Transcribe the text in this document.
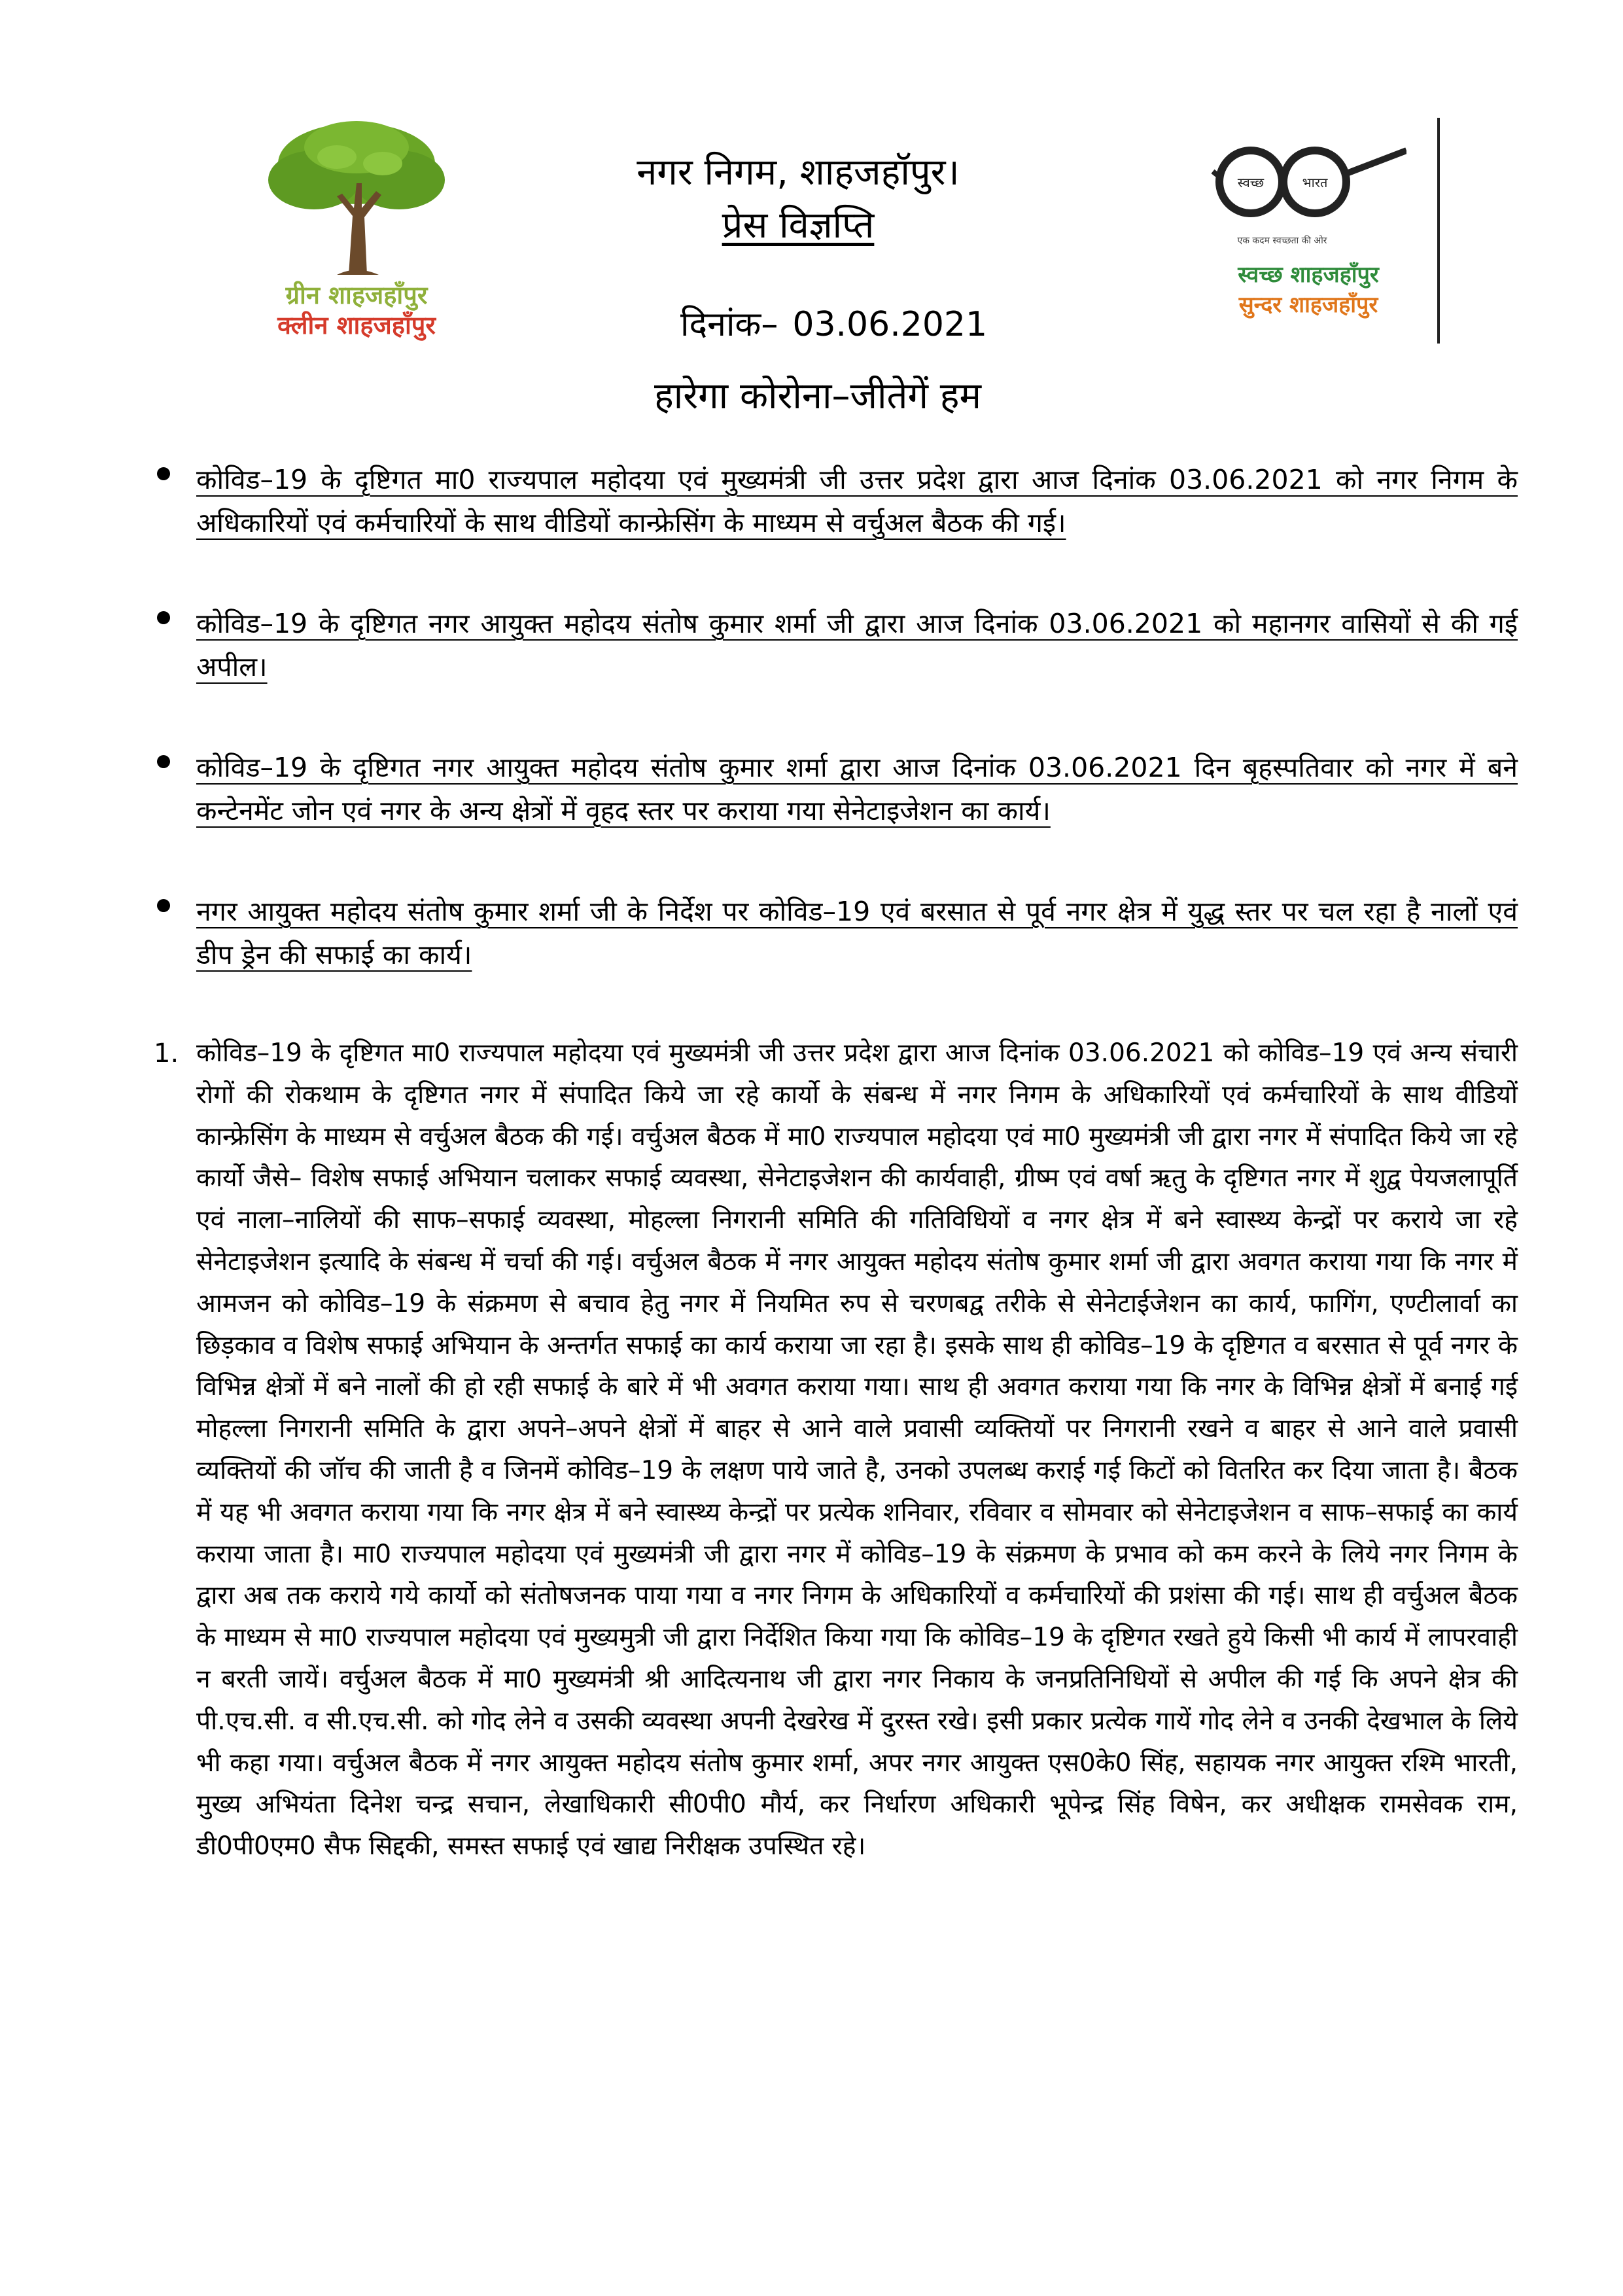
ग्रीन शाहजहाँपुर
क्लीन शाहजहाँपुर
नगर निगम, शाहजहॉपुर।
प्रेस विज्ञप्ति
दिनांक– 03.06.2021
स्वच्छ	भारत
एक कदम स्वच्छता की ओर
स्वच्छ शाहजहाँपुर
सुन्दर शाहजहाँपुर
हारेगा कोरोना–जीतेगें हम
कोविड–19 के दृष्टिगत मा0 राज्यपाल महोदया एवं मुख्यमंत्री जी उत्तर प्रदेश द्वारा आज दिनांक 03.06.2021 को नगर निगम के अधिकारियों एवं कर्मचारियों के साथ वीडियों कान्फ्रेसिंग के माध्यम से वर्चुअल बैठक की गई।
कोविड–19 के दृष्टिगत नगर आयुक्त महोदय संतोष कुमार शर्मा जी द्वारा आज दिनांक 03.06.2021 को महानगर वासियों से की गई अपील।
कोविड–19 के दृष्टिगत नगर आयुक्त महोदय संतोष कुमार शर्मा द्वारा आज दिनांक 03.06.2021 दिन बृहस्पतिवार को नगर में बने कन्टेनमेंट जोन एवं नगर के अन्य क्षेत्रों में वृहद स्तर पर कराया गया सेनेटाइजेशन का कार्य।
नगर आयुक्त महोदय संतोष कुमार शर्मा जी के निर्देश पर कोविड–19 एवं बरसात से पूर्व नगर क्षेत्र में युद्ध स्तर पर चल रहा है नालों एवं डीप ड्रेन की सफाई का कार्य।
1. कोविड–19 के दृष्टिगत मा0 राज्यपाल महोदया एवं मुख्यमंत्री जी उत्तर प्रदेश द्वारा आज दिनांक 03.06.2021 को कोविड–19 एवं अन्य संचारी रोगों की रोकथाम के दृष्टिगत नगर में संपादित किये जा रहे कार्यो के संबन्ध में नगर निगम के अधिकारियों एवं कर्मचारियों के साथ वीडियों कान्फ्रेसिंग के माध्यम से वर्चुअल बैठक की गई। वर्चुअल बैठक में मा0 राज्यपाल महोदया एवं मा0 मुख्यमंत्री जी द्वारा नगर में संपादित किये जा रहे कार्यो जैसे– विशेष सफाई अभियान चलाकर सफाई व्यवस्था, सेनेटाइजेशन की कार्यवाही, ग्रीष्म एवं वर्षा ऋतु के दृष्टिगत नगर में शुद्व पेयजलापूर्ति एवं नाला–नालियों की साफ–सफाई व्यवस्था, मोहल्ला निगरानी समिति की गतिविधियों व नगर क्षेत्र में बने स्वास्थ्य केन्द्रों पर कराये जा रहे सेनेटाइजेशन इत्यादि के संबन्ध में चर्चा की गई। वर्चुअल बैठक में नगर आयुक्त महोदय संतोष कुमार शर्मा जी द्वारा अवगत कराया गया कि नगर में आमजन को कोविड–19 के संक्रमण से बचाव हेतु नगर में नियमित रुप से चरणबद्व तरीके से सेनेटाईजेशन का कार्य, फागिंग, एण्टीलार्वा का छिड़काव व विशेष सफाई अभियान के अन्तर्गत सफाई का कार्य कराया जा रहा है। इसके साथ ही कोविड–19 के दृष्टिगत व बरसात से पूर्व नगर के विभिन्न क्षेत्रों में बने नालों की हो रही सफाई के बारे में भी अवगत कराया गया। साथ ही अवगत कराया गया कि नगर के विभिन्न क्षेत्रों में बनाई गई मोहल्ला निगरानी समिति के द्वारा अपने–अपने क्षेत्रों में बाहर से आने वाले प्रवासी व्यक्तियों पर निगरानी रखने व बाहर से आने वाले प्रवासी व्यक्तियों की जॉच की जाती है व जिनमें कोविड–19 के लक्षण पाये जाते है, उनको उपलब्ध कराई गई किटों को वितरित कर दिया जाता है। बैठक में यह भी अवगत कराया गया कि नगर क्षेत्र में बने स्वास्थ्य केन्द्रों पर प्रत्येक शनिवार, रविवार व सोमवार को सेनेटाइजेशन व साफ–सफाई का कार्य कराया जाता है। मा0 राज्यपाल महोदया एवं मुख्यमंत्री जी द्वारा नगर में कोविड–19 के संक्रमण के प्रभाव को कम करने के लिये नगर निगम के द्वारा अब तक कराये गये कार्यो को संतोषजनक पाया गया व नगर निगम के अधिकारियों व कर्मचारियों की प्रशंसा की गई। साथ ही वर्चुअल बैठक के माध्यम से मा0 राज्यपाल महोदया एवं मुख्यमुत्री जी द्वारा निर्देशित किया गया कि कोविड–19 के दृष्टिगत रखते हुये किसी भी कार्य में लापरवाही न बरती जायें। वर्चुअल बैठक में मा0 मुख्यमंत्री श्री आदित्यनाथ जी द्वारा नगर निकाय के जनप्रतिनिधियों से अपील की गई कि अपने क्षेत्र की पी.एच.सी. व सी.एच.सी. को गोद लेने व उसकी व्यवस्था अपनी देखरेख में दुरस्त रखे। इसी प्रकार प्रत्येक गायें गोद लेने व उनकी देखभाल के लिये भी कहा गया। वर्चुअल बैठक में नगर आयुक्त महोदय संतोष कुमार शर्मा, अपर नगर आयुक्त एस0के0 सिंह, सहायक नगर आयुक्त रश्मि भारती, मुख्य अभियंता दिनेश चन्द्र सचान, लेखाधिकारी सी0पी0 मौर्य, कर निर्धारण अधिकारी भूपेन्द्र सिंह विषेन, कर अधीक्षक रामसेवक राम, डी0पी0एम0 सैफ सिद्दकी, समस्त सफाई एवं खाद्य निरीक्षक उपस्थित रहे।
